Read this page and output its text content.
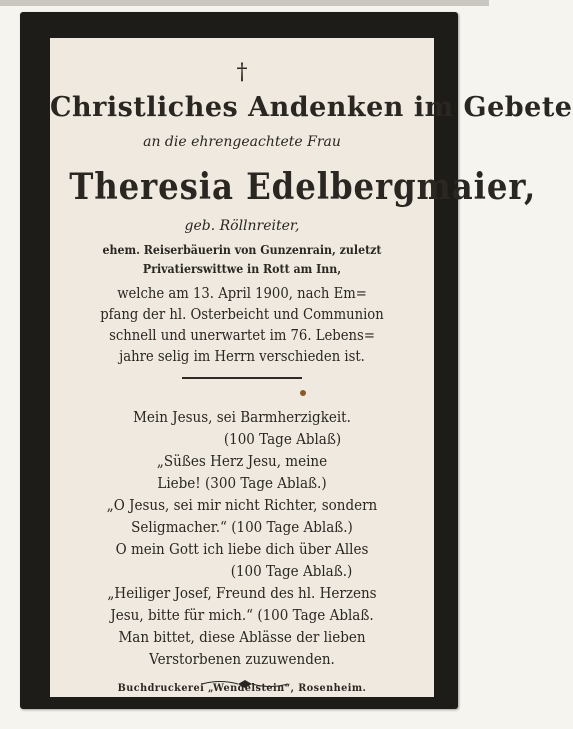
†
Christliches Andenken im Gebete
an die ehrengeachtete Frau
Theresia Edelbergmaier,
geb. Röllnreiter,
ehem. Reiserbäuerin von Gunzenrain, zuletzt
Privatierswittwe in Rott am Inn,
welche am 13. April 1900, nach Em=
pfang der hl. Osterbeicht und Communion
schnell und unerwartet im 76. Lebens=
jahre selig im Herrn verschieden ist.
Mein Jesus, sei Barmherzigkeit.
(100 Tage Ablaß)
„Süßes Herz Jesu, meine
Liebe! (300 Tage Ablaß.)
„O Jesus, sei mir nicht Richter, sondern
Seligmacher.“ (100 Tage Ablaß.)
O mein Gott ich liebe dich über Alles
(100 Tage Ablaß.)
„Heiliger Josef, Freund des hl. Herzens
Jesu, bitte für mich.“ (100 Tage Ablaß.
Man bittet, diese Ablässe der lieben
Verstorbenen zuzuwenden.
Buchdruckerei „Wendelstein“, Rosenheim.
